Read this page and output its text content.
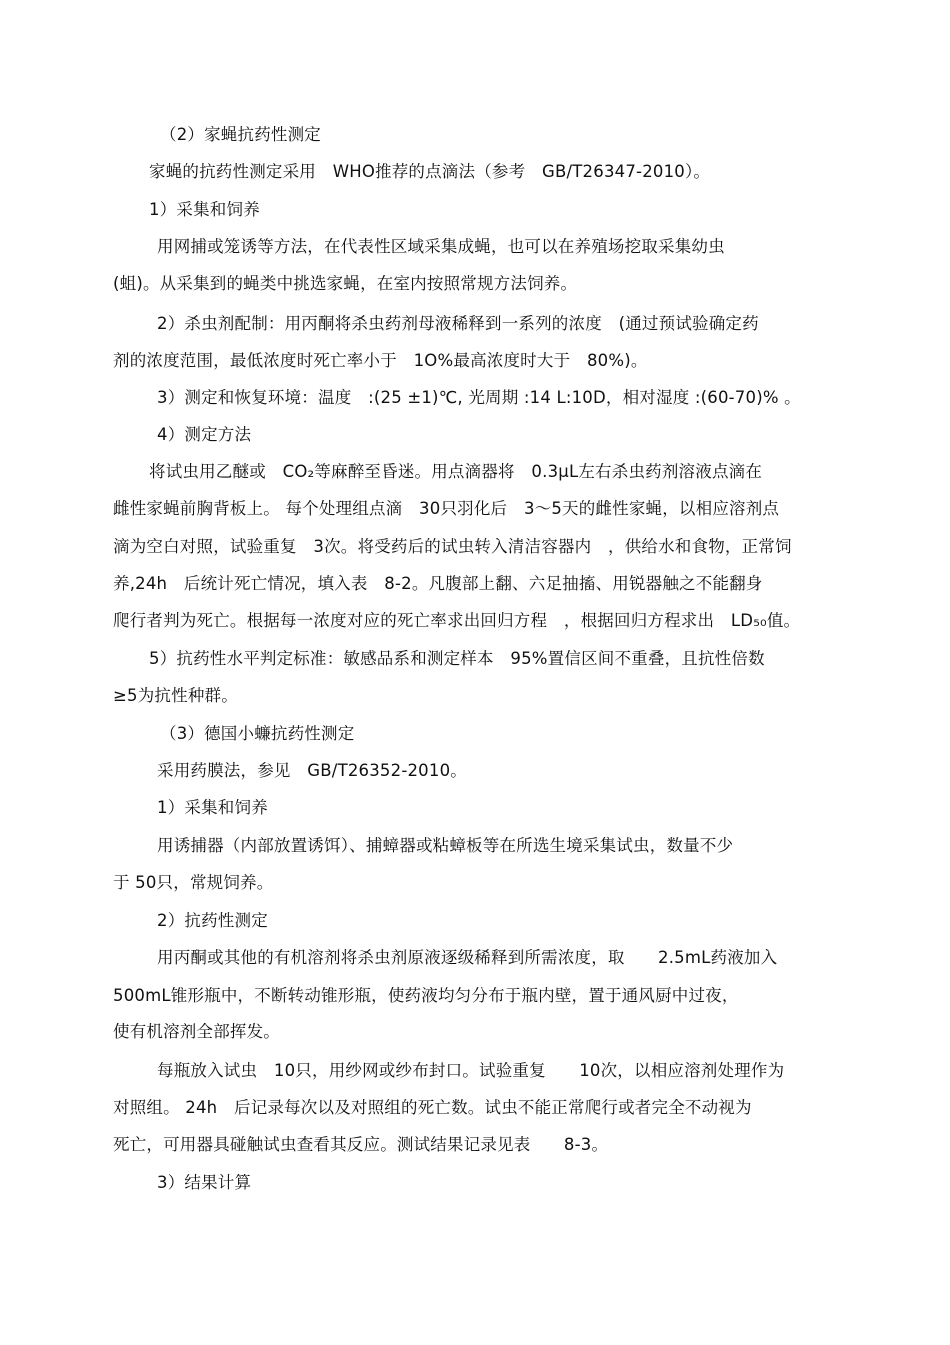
（2）家蝇抗药性测定
家蝇的抗药性测定采用　WHO推荐的点滴法（参考　GB/T26347-2010）。
1）采集和饲养
用网捕或笼诱等方法，在代表性区域采集成蝇，也可以在养殖场挖取采集幼虫
(蛆)。从采集到的蝇类中挑选家蝇，在室内按照常规方法饲养。
2）杀虫剂配制：用丙酮将杀虫药剂母液稀释到一系列的浓度　(通过预试验确定药
剂的浓度范围，最低浓度时死亡率小于　1O%最高浓度时大于　80%)。
3）测定和恢复环境：温度　:(25 ±1)℃, 光周期 :14 L:10D，相对湿度 :(60-70)% 。
4）测定方法
将试虫用乙醚或　CO₂等麻醉至昏迷。用点滴器将　0.3μL左右杀虫药剂溶液点滴在
雌性家蝇前胸背板上。 每个处理组点滴　30只羽化后　3～5天的雌性家蝇，以相应溶剂点
滴为空白对照，试验重复　3次。将受药后的试虫转入清洁容器内　，供给水和食物，正常饲
养,24h　后统计死亡情况，填入表　8-2。凡腹部上翻、六足抽搐、用锐器触之不能翻身
爬行者判为死亡。根据每一浓度对应的死亡率求出回归方程　，根据回归方程求出　LD₅₀值。
5）抗药性水平判定标准：敏感品系和测定样本　95%置信区间不重叠，且抗性倍数
≥5为抗性种群。
（3）德国小蠊抗药性测定
采用药膜法，参见　GB/T26352-2010。
1）采集和饲养
用诱捕器（内部放置诱饵）、捕蟑器或粘蟑板等在所选生境采集试虫，数量不少
于 50只，常规饲养。
2）抗药性测定
用丙酮或其他的有机溶剂将杀虫剂原液逐级稀释到所需浓度，取　　2.5mL药液加入
500mL锥形瓶中，不断转动锥形瓶，使药液均匀分布于瓶内壁，置于通风厨中过夜，
使有机溶剂全部挥发。
每瓶放入试虫　10只，用纱网或纱布封口。试验重复　　10次，以相应溶剂处理作为
对照组。 24h　后记录每次以及对照组的死亡数。试虫不能正常爬行或者完全不动视为
死亡，可用器具碰触试虫查看其反应。测试结果记录见表　　8-3。
3）结果计算
